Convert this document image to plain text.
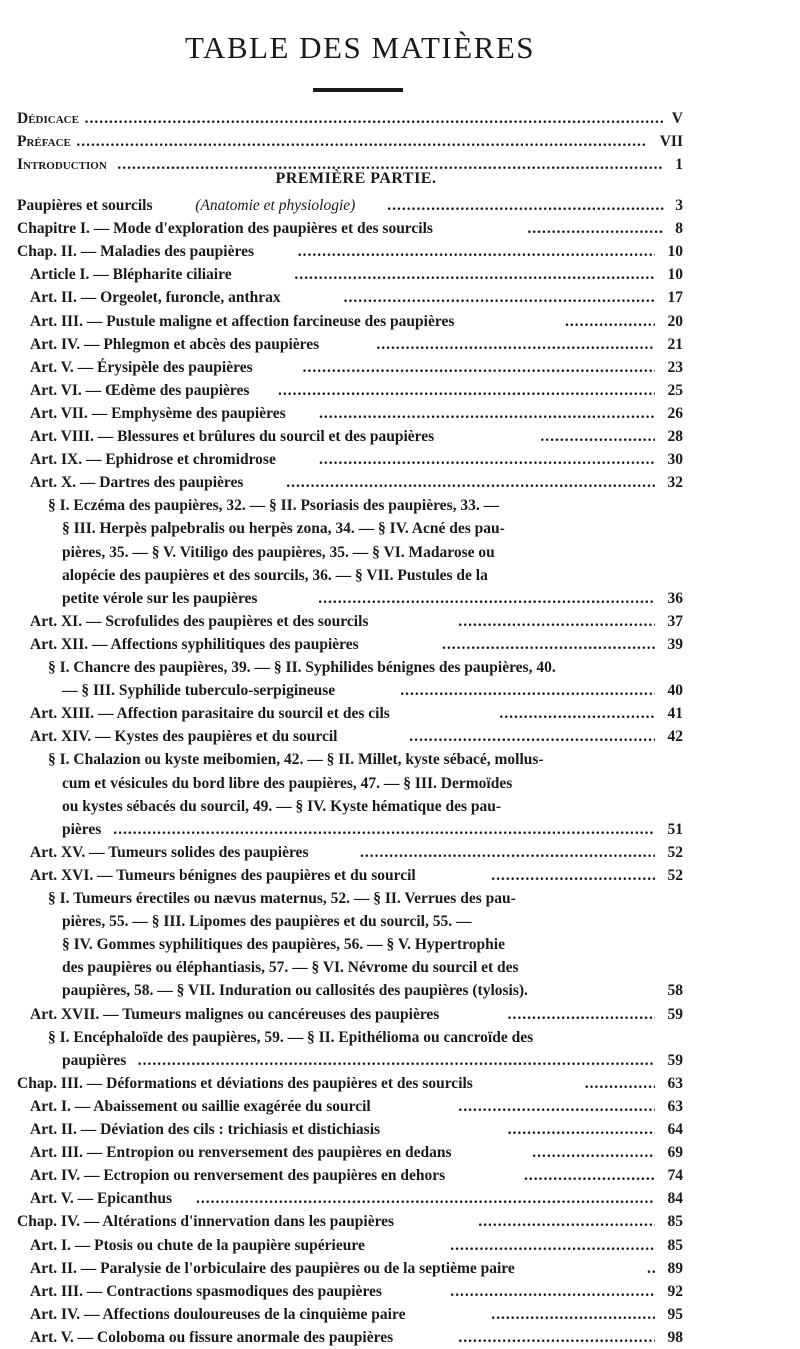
TABLE DES MATIÈRES
PREMIÈRE PARTIE.
Dédicace .....	V
Préface .....	VII
Introduction .....	1
Paupières et sourcils	(Anatomie et physiologie) .....	3
Chapitre I. — Mode d'exploration des paupières et des sourcils .....	8
Chap. II. — Maladies des paupières .....	10
Article I. — Blépharite ciliaire .....	10
Art. II. — Orgeolet, furoncle, anthrax .....	17
Art. III. — Pustule maligne et affection farcineuse des paupières .....	20
Art. IV. — Phlegmon et abcès des paupières .....	21
Art. V. — Érysipèle des paupières .....	23
Art. VI. — Œdème des paupières .....	25
Art. VII. — Emphysème des paupières .....	26
Art. VIII. — Blessures et brûlures du sourcil et des paupières .....	28
Art. IX. — Ephidrose et chromidrose .....	30
Art. X. — Dartres des paupières .....	32
§ I. Eczéma des paupières, 32. — § II. Psoriasis des paupières, 33. —
§ III. Herpès palpebralis ou herpès zona, 34. — § IV. Acné des pau-
pières, 35. — § V. Vitiligo des paupières, 35. — § VI. Madarose ou
alopécie des paupières et des sourcils, 36. — § VII. Pustules de la
petite vérole sur les paupières .....	36
Art. XI. — Scrofulides des paupières et des sourcils .....	37
Art. XII. — Affections syphilitiques des paupières .....	39
§ I. Chancre des paupières, 39. — § II. Syphilides bénignes des paupières, 40.
— § III. Syphilide tuberculo-serpigineuse .....	40
Art. XIII. — Affection parasitaire du sourcil et des cils .....	41
Art. XIV. — Kystes des paupières et du sourcil .....	42
§ I. Chalazion ou kyste meibomien, 42. — § II. Millet, kyste sébacé, mollus-
cum et vésicules du bord libre des paupières, 47. — § III. Dermoïdes
ou kystes sébacés du sourcil, 49. — § IV. Kyste hématique des pau-
pières .....	51
Art. XV. — Tumeurs solides des paupières .....	52
Art. XVI. — Tumeurs bénignes des paupières et du sourcil .....	52
§ I. Tumeurs érectiles ou nævus maternus, 52. — § II. Verrues des pau-
pières, 55. — § III. Lipomes des paupières et du sourcil, 55. —
§ IV. Gommes syphilitiques des paupières, 56. — § V. Hypertrophie
des paupières ou éléphantiasis, 57. — § VI. Névrome du sourcil et des
paupières, 58. — § VII. Induration ou callosités des paupières (tylosis).	58
Art. XVII. — Tumeurs malignes ou cancéreuses des paupières .....	59
§ I. Encéphaloïde des paupières, 59. — § II. Epithélioma ou cancroïde des
paupières .....	59
Chap. III. — Déformations et déviations des paupières et des sourcils .....	63
Art. I. — Abaissement ou saillie exagérée du sourcil .....	63
Art. II. — Déviation des cils : trichiasis et distichiasis .....	64
Art. III. — Entropion ou renversement des paupières en dedans .....	69
Art. IV. — Ectropion ou renversement des paupières en dehors .....	74
Art. V. — Epicanthus .....	84
Chap. IV. — Altérations d'innervation dans les paupières .....	85
Art. I. — Ptosis ou chute de la paupière supérieure .....	85
Art. II. — Paralysie de l'orbiculaire des paupières ou de la septième paire .....	89
Art. III. — Contractions spasmodiques des paupières .....	92
Art. IV. — Affections douloureuses de la cinquième paire .....	95
Art. V. — Coloboma ou fissure anormale des paupières .....	98
